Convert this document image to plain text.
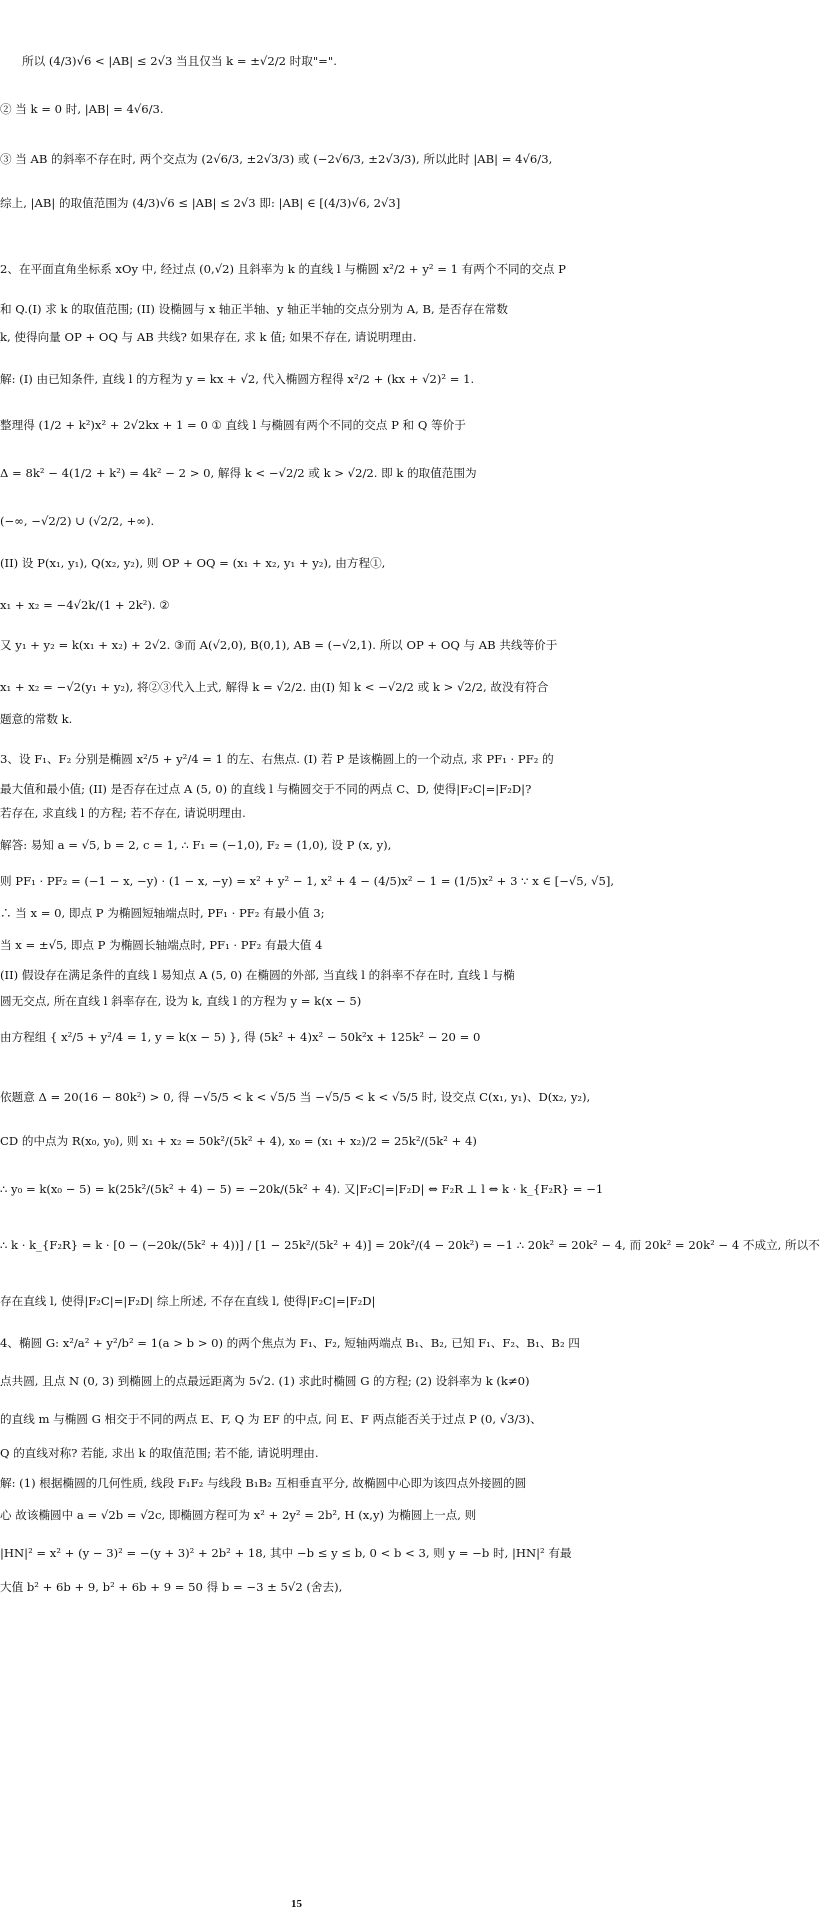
所以 (4/3)√6 < |AB| ≤ 2√3 当且仅当 k = ±√2/2 时取"=".
② 当 k = 0 时, |AB| = 4√6/3.
③ 当 AB 的斜率不存在时, 两个交点为 (2√6/3, ±2√3/3) 或 (−2√6/3, ±2√3/3), 所以此时 |AB| = 4√6/3,
综上, |AB| 的取值范围为 (4/3)√6 ≤ |AB| ≤ 2√3 即: |AB| ∈ [(4/3)√6, 2√3]
2、在平面直角坐标系 xOy 中, 经过点 (0,√2) 且斜率为 k 的直线 l 与椭圆 x²/2 + y² = 1 有两个不同的交点 P
和 Q.(I) 求 k 的取值范围; (II) 设椭圆与 x 轴正半轴、y 轴正半轴的交点分别为 A, B, 是否存在常数
k, 使得向量 OP + OQ 与 AB 共线? 如果存在, 求 k 值; 如果不存在, 请说明理由.
解: (I) 由已知条件, 直线 l 的方程为 y = kx + √2, 代入椭圆方程得 x²/2 + (kx + √2)² = 1.
整理得 (1/2 + k²)x² + 2√2kx + 1 = 0 ① 直线 l 与椭圆有两个不同的交点 P 和 Q 等价于
Δ = 8k² − 4(1/2 + k²) = 4k² − 2 > 0, 解得 k < −√2/2 或 k > √2/2. 即 k 的取值范围为
(−∞, −√2/2) ∪ (√2/2, +∞).
(II) 设 P(x₁, y₁), Q(x₂, y₂), 则 OP + OQ = (x₁ + x₂, y₁ + y₂), 由方程①,
x₁ + x₂ = −4√2k/(1 + 2k²). ②
又 y₁ + y₂ = k(x₁ + x₂) + 2√2. ③而 A(√2,0), B(0,1), AB = (−√2,1). 所以 OP + OQ 与 AB 共线等价于
x₁ + x₂ = −√2(y₁ + y₂), 将②③代入上式, 解得 k = √2/2. 由(I) 知 k < −√2/2 或 k > √2/2, 故没有符合
题意的常数 k.
3、设 F₁、F₂ 分别是椭圆 x²/5 + y²/4 = 1 的左、右焦点. (I) 若 P 是该椭圆上的一个动点, 求 PF₁ · PF₂ 的
最大值和最小值; (II) 是否存在过点 A (5, 0) 的直线 l 与椭圆交于不同的两点 C、D, 使得|F₂C|=|F₂D|?
若存在, 求直线 l 的方程; 若不存在, 请说明理由.
解答: 易知 a = √5, b = 2, c = 1, ∴ F₁ = (−1,0), F₂ = (1,0), 设 P (x, y),
则 PF₁ · PF₂ = (−1 − x, −y) · (1 − x, −y) = x² + y² − 1, x² + 4 − (4/5)x² − 1 = (1/5)x² + 3 ∵ x ∈ [−√5, √5],
∴ 当 x = 0, 即点 P 为椭圆短轴端点时, PF₁ · PF₂ 有最小值 3;
当 x = ±√5, 即点 P 为椭圆长轴端点时, PF₁ · PF₂ 有最大值 4
(II) 假设存在满足条件的直线 l 易知点 A (5, 0) 在椭圆的外部, 当直线 l 的斜率不存在时, 直线 l 与椭
圆无交点, 所在直线 l 斜率存在, 设为 k, 直线 l 的方程为 y = k(x − 5)
由方程组 { x²/5 + y²/4 = 1, y = k(x − 5) }, 得 (5k² + 4)x² − 50k²x + 125k² − 20 = 0
依题意 Δ = 20(16 − 80k²) > 0, 得 −√5/5 < k < √5/5 当 −√5/5 < k < √5/5 时, 设交点 C(x₁, y₁)、D(x₂, y₂),
CD 的中点为 R(x₀, y₀), 则 x₁ + x₂ = 50k²/(5k² + 4), x₀ = (x₁ + x₂)/2 = 25k²/(5k² + 4)
∴ y₀ = k(x₀ − 5) = k(25k²/(5k² + 4) − 5) = −20k/(5k² + 4). 又|F₂C|=|F₂D| ⇔ F₂R ⊥ l ⇔ k · k_{F₂R} = −1
∴ k · k_{F₂R} = k · [0 − (−20k/(5k² + 4))] / [1 − 25k²/(5k² + 4)] = 20k²/(4 − 20k²) = −1 ∴ 20k² = 20k² − 4, 而 20k² = 20k² − 4 不成立, 所以不
存在直线 l, 使得|F₂C|=|F₂D| 综上所述, 不存在直线 l, 使得|F₂C|=|F₂D|
4、椭圆 G: x²/a² + y²/b² = 1(a > b > 0) 的两个焦点为 F₁、F₂, 短轴两端点 B₁、B₂, 已知 F₁、F₂、B₁、B₂ 四
点共圆, 且点 N (0, 3) 到椭圆上的点最远距离为 5√2. (1) 求此时椭圆 G 的方程; (2) 设斜率为 k (k≠0)
的直线 m 与椭圆 G 相交于不同的两点 E、F, Q 为 EF 的中点, 问 E、F 两点能否关于过点 P (0, √3/3)、
Q 的直线对称? 若能, 求出 k 的取值范围; 若不能, 请说明理由.
解: (1) 根据椭圆的几何性质, 线段 F₁F₂ 与线段 B₁B₂ 互相垂直平分, 故椭圆中心即为该四点外接圆的圆
心 故该椭圆中 a = √2b = √2c, 即椭圆方程可为 x² + 2y² = 2b², H (x,y) 为椭圆上一点, 则
|HN|² = x² + (y − 3)² = −(y + 3)² + 2b² + 18, 其中 −b ≤ y ≤ b, 0 < b < 3, 则 y = −b 时, |HN|² 有最
大值 b² + 6b + 9, b² + 6b + 9 = 50 得 b = −3 ± 5√2 (舍去),
15
